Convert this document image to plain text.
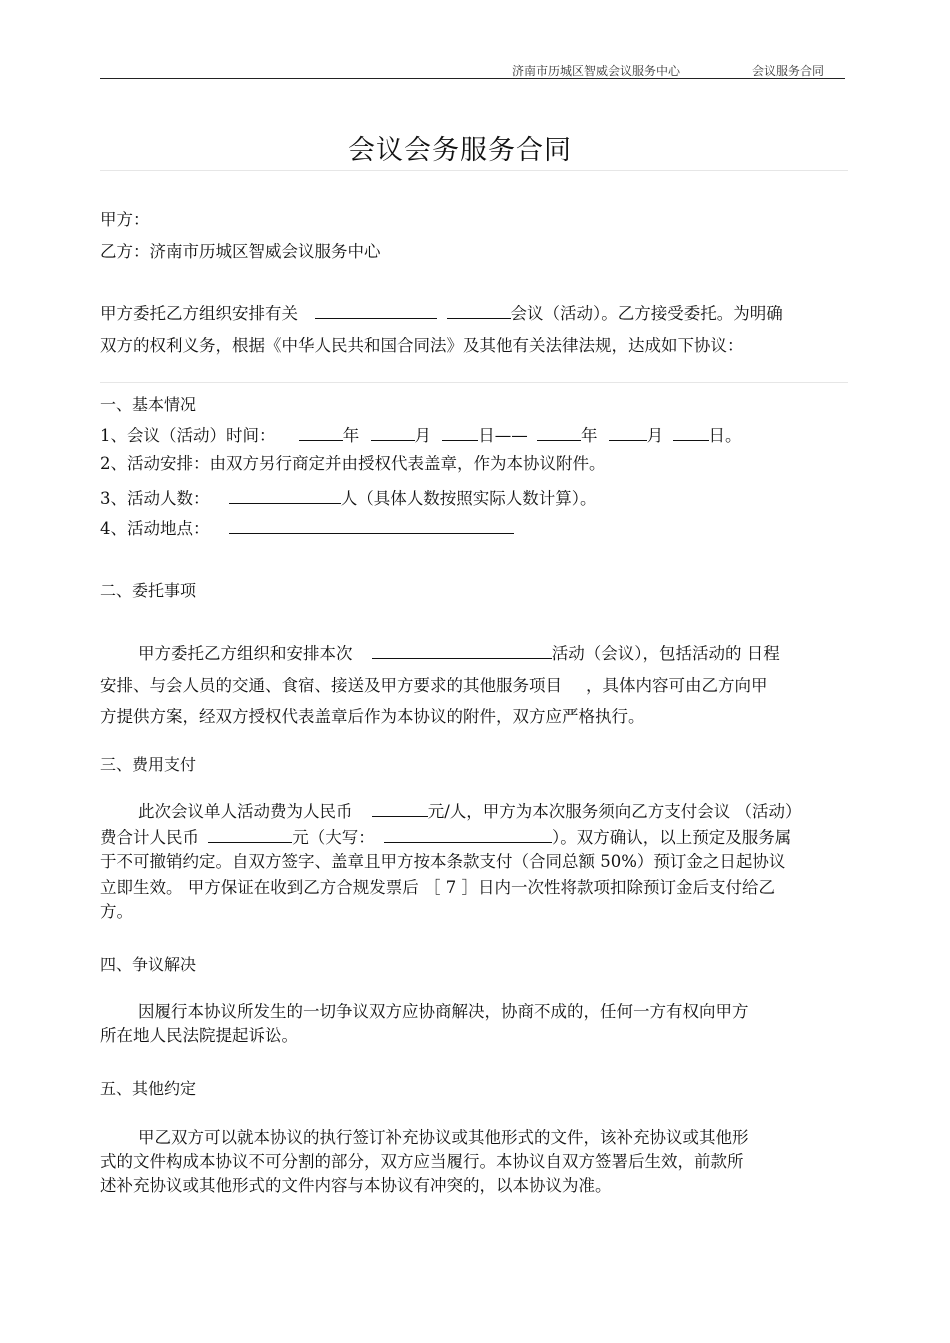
济南市历城区智威会议服务中心	会议服务合同
会议会务服务合同
甲方：
乙方：济南市历城区智威会议服务中心
甲方委托乙方组织安排有关	会议（活动）。乙方接受委托。为明确
双方的权利义务，根据《中华人民共和国合同法》及其他有关法律法规，达成如下协议：
一、基本情况
1、会议（活动）时间：	年	月	日——	年	月	日。
2、活动安排：由双方另行商定并由授权代表盖章，作为本协议附件。
3、活动人数：	人（具体人数按照实际人数计算）。
4、活动地点：
二、委托事项
甲方委托乙方组织和安排本次	活动（会议），包括活动的 日程
安排、与会人员的交通、食宿、接送及甲方要求的其他服务项目 ，具体内容可由乙方向甲
方提供方案，经双方授权代表盖章后作为本协议的附件，双方应严格执行。
三、费用支付
此次会议单人活动费为人民币	元/人，甲方为本次服务须向乙方支付会议 （活动）
费合计人民币	元（大写：	）。双方确认，以上预定及服务属
于不可撤销约定。自双方签字、盖章且甲方按本条款支付（合同总额 50%）预订金之日起协议
立即生效。 甲方保证在收到乙方合规发票后 ［ 7 ］日内一次性将款项扣除预订金后支付给乙
方。
四、争议解决
因履行本协议所发生的一切争议双方应协商解决，协商不成的，任何一方有权向甲方
所在地人民法院提起诉讼。
五、其他约定
甲乙双方可以就本协议的执行签订补充协议或其他形式的文件，该补充协议或其他形
式的文件构成本协议不可分割的部分，双方应当履行。本协议自双方签署后生效，前款所
述补充协议或其他形式的文件内容与本协议有冲突的，以本协议为准。
